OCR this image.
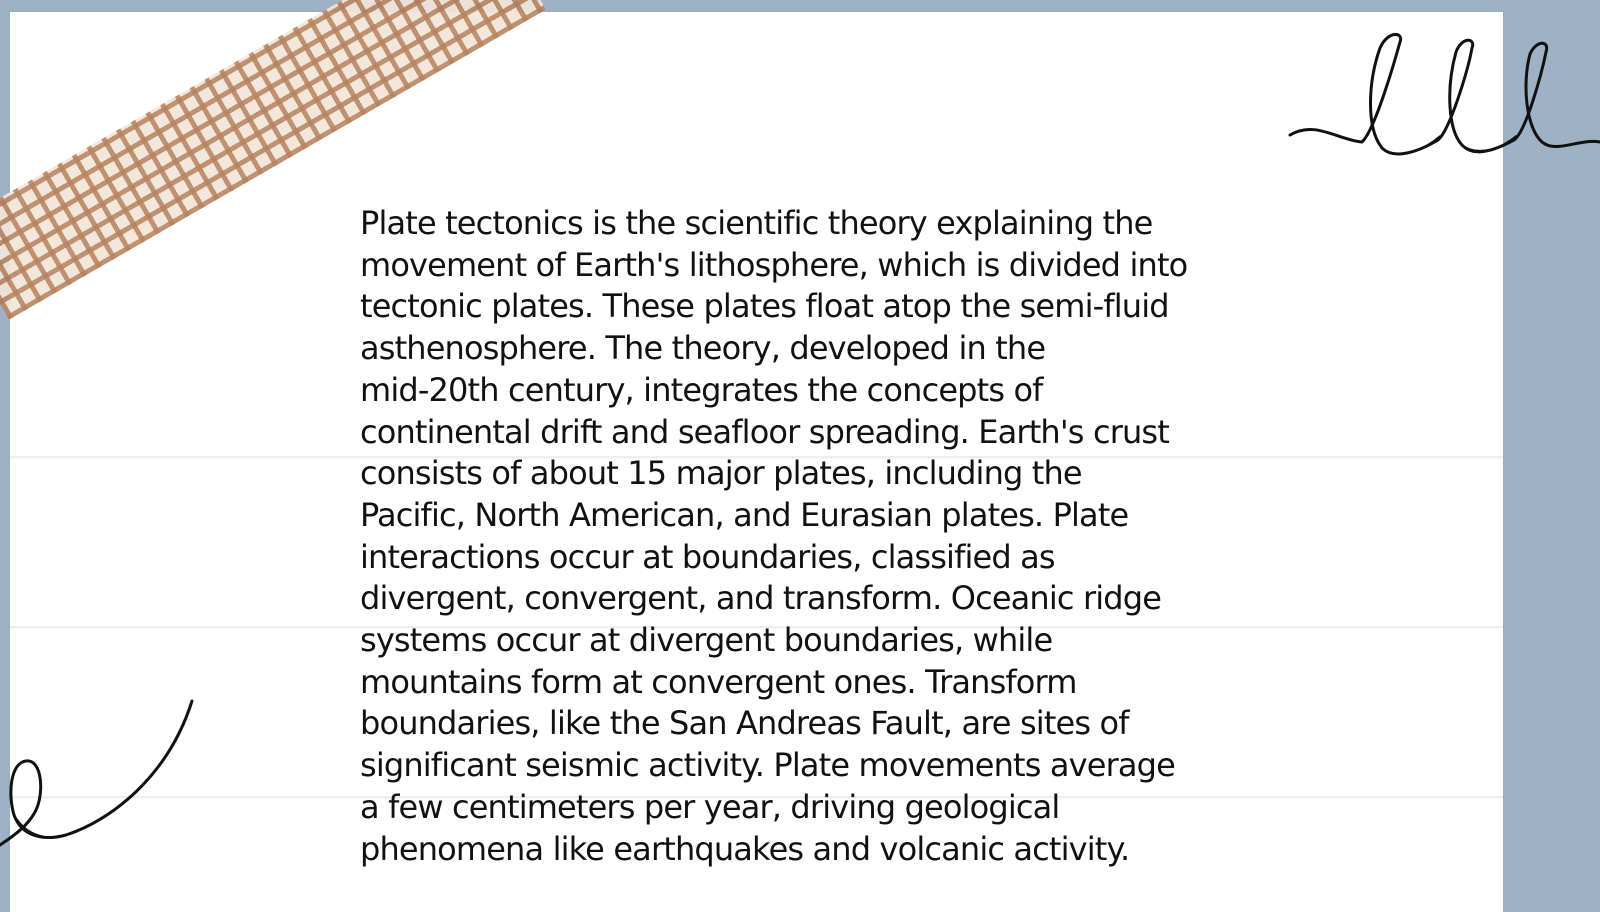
Plate tectonics is the scientific theory explaining the
movement of Earth's lithosphere, which is divided into
tectonic plates. These plates float atop the semi-fluid
asthenosphere. The theory, developed in the
mid-20th century, integrates the concepts of
continental drift and seafloor spreading. Earth's crust
consists of about 15 major plates, including the
Pacific, North American, and Eurasian plates. Plate
interactions occur at boundaries, classified as
divergent, convergent, and transform. Oceanic ridge
systems occur at divergent boundaries, while
mountains form at convergent ones. Transform
boundaries, like the San Andreas Fault, are sites of
significant seismic activity. Plate movements average
a few centimeters per year, driving geological
phenomena like earthquakes and volcanic activity.
